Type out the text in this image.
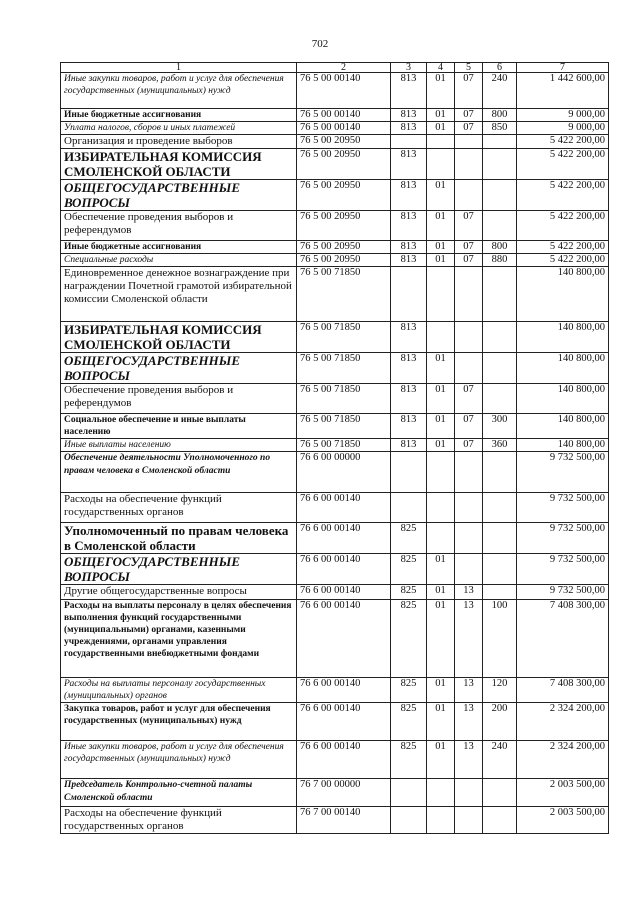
702
1	2	3	4	5	6	7
Иные закупки товаров, работ и услуг для обеспечения государственных (муниципальных) нужд	76 5 00 00140	813	01	07	240	1 442 600,00
Иные бюджетные ассигнования	76 5 00 00140	813	01	07	800	9 000,00
Уплата налогов, сборов и иных платежей	76 5 00 00140	813	01	07	850	9 000,00
Организация и проведение выборов	76 5 00 20950					5 422 200,00
ИЗБИРАТЕЛЬНАЯ КОМИССИЯ СМОЛЕНСКОЙ ОБЛАСТИ	76 5 00 20950	813				5 422 200,00
ОБЩЕГОСУДАРСТВЕННЫЕ ВОПРОСЫ	76 5 00 20950	813	01			5 422 200,00
Обеспечение проведения выборов и референдумов	76 5 00 20950	813	01	07		5 422 200,00
Иные бюджетные ассигнования	76 5 00 20950	813	01	07	800	5 422 200,00
Специальные расходы	76 5 00 20950	813	01	07	880	5 422 200,00
Единовременное денежное вознаграждение при награждении Почетной грамотой избирательной комиссии Смоленской области	76 5 00 71850					140 800,00
ИЗБИРАТЕЛЬНАЯ КОМИССИЯ СМОЛЕНСКОЙ ОБЛАСТИ	76 5 00 71850	813				140 800,00
ОБЩЕГОСУДАРСТВЕННЫЕ ВОПРОСЫ	76 5 00 71850	813	01			140 800,00
Обеспечение проведения выборов и референдумов	76 5 00 71850	813	01	07		140 800,00
Социальное обеспечение и иные выплаты населению	76 5 00 71850	813	01	07	300	140 800,00
Иные выплаты населению	76 5 00 71850	813	01	07	360	140 800,00
Обеспечение деятельности Уполномоченного по правам человека в Смоленской области	76 6 00 00000					9 732 500,00
Расходы на обеспечение функций государственных органов	76 6 00 00140					9 732 500,00
Уполномоченный по правам человека в Смоленской области	76 6 00 00140	825				9 732 500,00
ОБЩЕГОСУДАРСТВЕННЫЕ ВОПРОСЫ	76 6 00 00140	825	01			9 732 500,00
Другие общегосударственные вопросы	76 6 00 00140	825	01	13		9 732 500,00
Расходы на выплаты персоналу в целях обеспечения выполнения функций государственными (муниципальными) органами, казенными учреждениями, органами управления государственными внебюджетными фондами	76 6 00 00140	825	01	13	100	7 408 300,00
Расходы на выплаты персоналу государственных (муниципальных) органов	76 6 00 00140	825	01	13	120	7 408 300,00
Закупка товаров, работ и услуг для обеспечения государственных (муниципальных) нужд	76 6 00 00140	825	01	13	200	2 324 200,00
Иные закупки товаров, работ и услуг для обеспечения государственных (муниципальных) нужд	76 6 00 00140	825	01	13	240	2 324 200,00
Председатель Контрольно-счетной палаты Смоленской области	76 7 00 00000					2 003 500,00
Расходы на обеспечение функций государственных органов	76 7 00 00140					2 003 500,00
